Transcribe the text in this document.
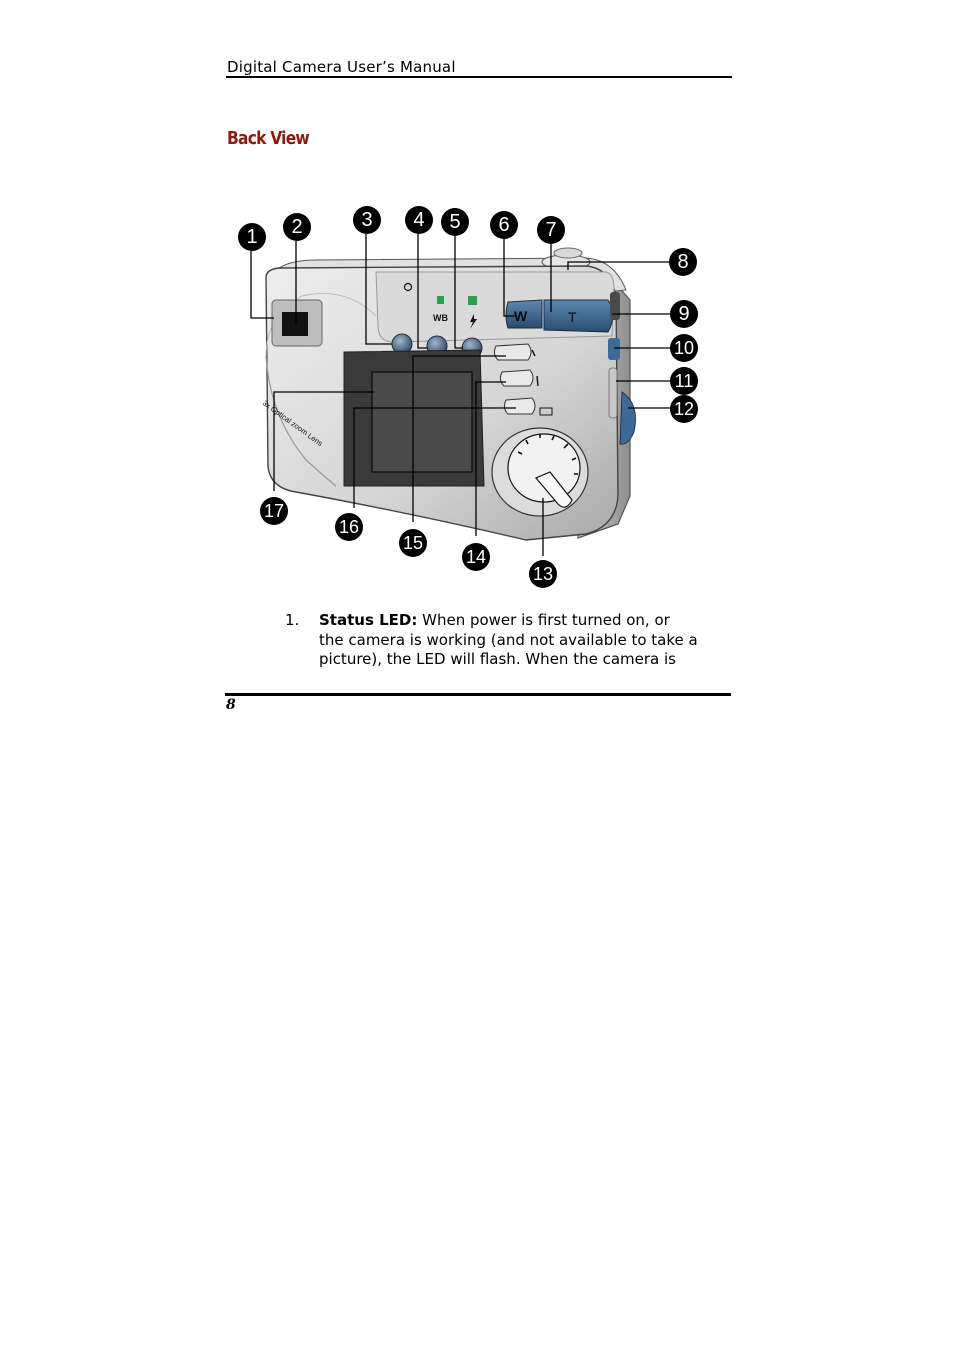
Digital Camera User’s Manual
Back View
WB	W	T
3x Optical zoom Lens
1	2	3	4	5	6	7
8
9
10
11
12
13
14
15
16
17
1. Status LED: When power is first turned on, or the camera is working (and not available to take a picture), the LED will flash. When the camera is
8
